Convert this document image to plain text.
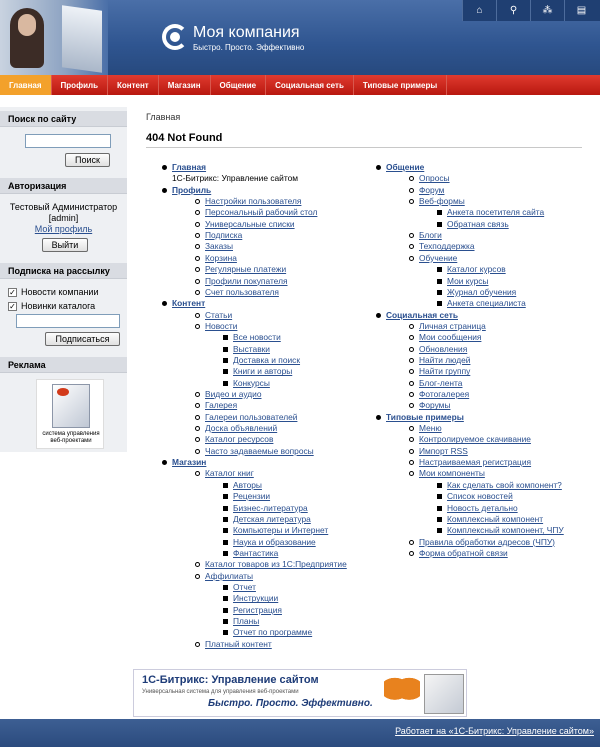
Моя компания
Быстро. Просто. Эффективно
⌂	⚲	⁂	▤
Главная	Профиль	Контент	Магазин	Общение	Социальная сеть	Типовые примеры
Поиск по сайту
Поиск
Авторизация
Тестовый Администратор
[admin]
Мой профиль
Выйти
Подписка на рассылку
✓ Новости компании
✓ Новинки каталога
Подписаться
Реклама
система управления веб-проектами
Главная
404 Not Found
Главная
1С-Битрикс: Управление сайтом
Профиль
Настройки пользователя
Персональный рабочий стол
Универсальные списки
Подписка
Заказы
Корзина
Регулярные платежи
Профили покупателя
Счет пользователя
Контент
Статьи
Новости
Все новости
Выставки
Доставка и поиск
Книги и авторы
Конкурсы
Видео и аудио
Галерея
Галереи пользователей
Доска объявлений
Каталог ресурсов
Часто задаваемые вопросы
Магазин
Каталог книг
Авторы
Рецензии
Бизнес-литература
Детская литература
Компьютеры и Интернет
Наука и образование
Фантастика
Каталог товаров из 1С:Предприятие
Аффилиаты
Отчет
Инструкции
Регистрация
Планы
Отчет по программе
Платный контент
Общение
Опросы
Форум
Веб-формы
Анкета посетителя сайта
Обратная связь
Блоги
Техподдержка
Обучение
Каталог курсов
Мои курсы
Журнал обучения
Анкета специалиста
Социальная сеть
Личная страница
Мои сообщения
Обновления
Найти людей
Найти группу
Блог-лента
Фотогалерея
Форумы
Типовые примеры
Меню
Контролируемое скачивание
Импорт RSS
Настраиваемая регистрация
Мои компоненты
Как сделать свой компонент?
Список новостей
Новость детально
Комплексный компонент
Комплексный компонент, ЧПУ
Правила обработки адресов (ЧПУ)
Форма обратной связи
1С-Битрикс: Управление сайтом
Универсальная система для управления веб-проектами
Быстро. Просто. Эффективно.
Работает на «1С-Битрикс: Управление сайтом»
